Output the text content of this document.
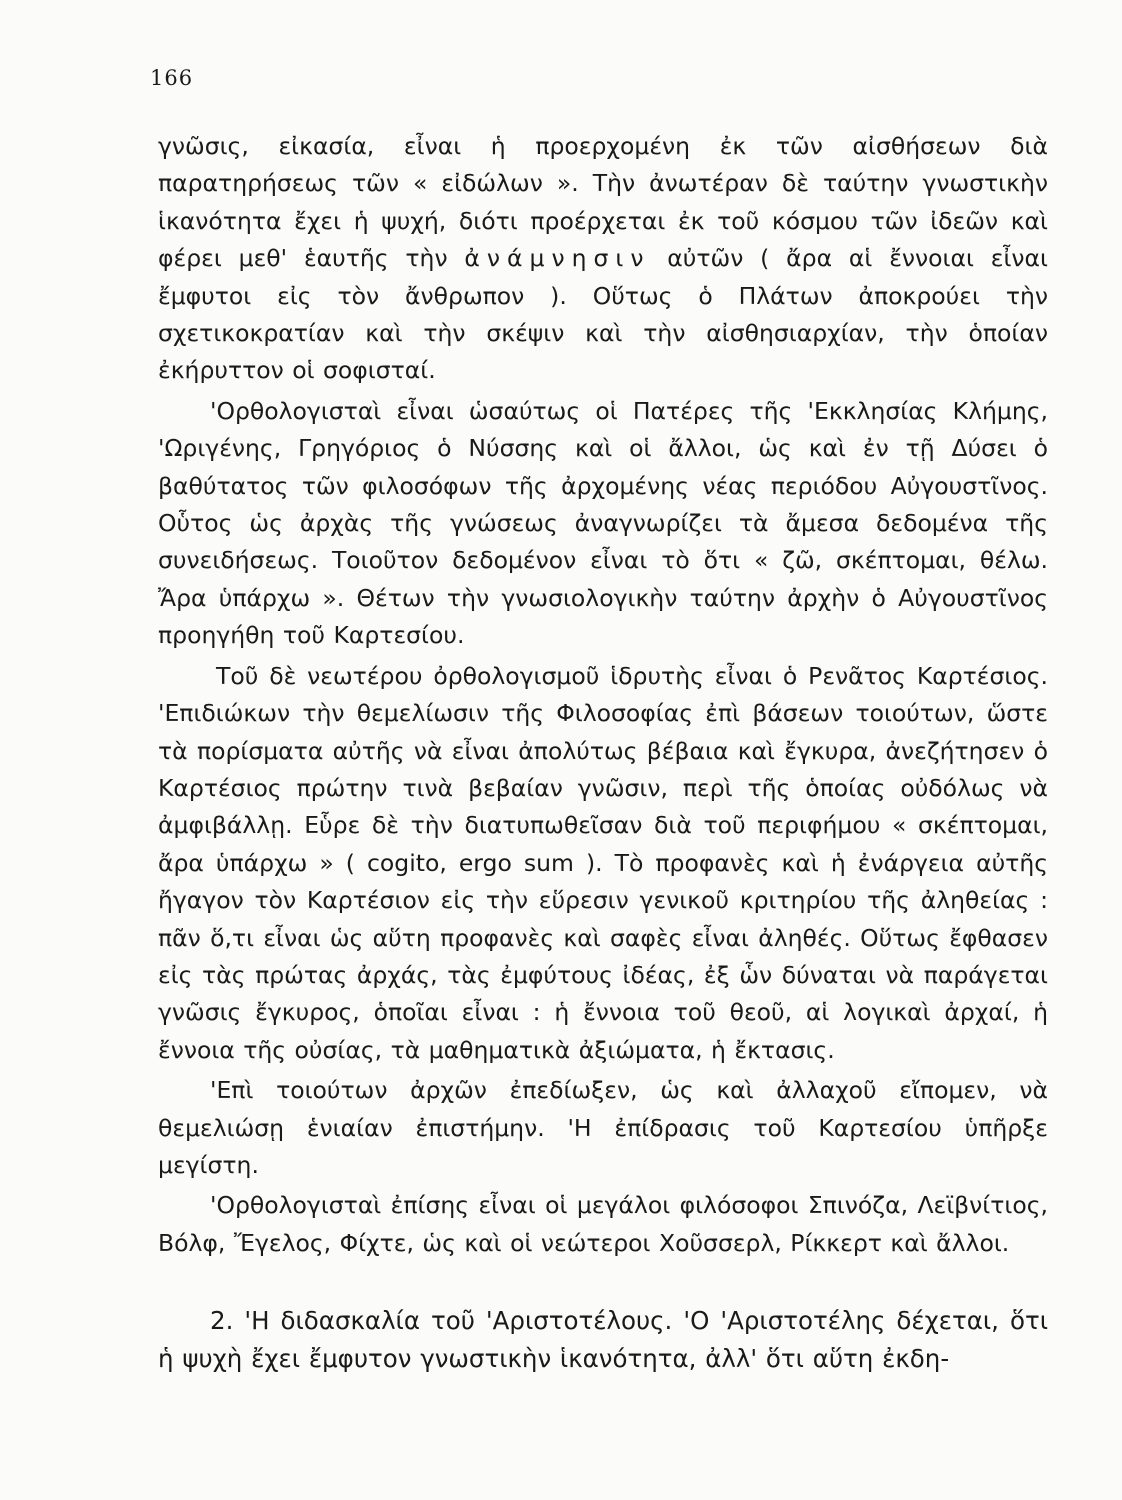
166

γνῶσις, εἰκασία, εἶναι ἡ προερχομένη ἐκ τῶν αἰσθήσεων διὰ παρατηρήσεως τῶν « εἰδώλων ». Τὴν ἀνωτέραν δὲ ταύτην γνωστικὴν ἱκανότητα ἔχει ἡ ψυχή, διότι προέρχεται ἐκ τοῦ κόσμου τῶν ἰδεῶν καὶ φέρει μεθ' ἑαυτῆς τὴν ἀνάμνησιν αὐτῶν ( ἄρα αἱ ἔννοιαι εἶναι ἔμφυτοι εἰς τὸν ἄνθρωπον ). Οὕτως ὁ Πλάτων ἀποκρούει τὴν σχετικοκρατίαν καὶ τὴν σκέψιν καὶ τὴν αἰσθησιαρχίαν, τὴν ὁποίαν ἐκήρυττον οἱ σοφισταί.

'Ορθολογισταὶ εἶναι ὡσαύτως οἱ Πατέρες τῆς 'Εκκλησίας Κλήμης, 'Ωριγένης, Γρηγόριος ὁ Νύσσης καὶ οἱ ἄλλοι, ὡς καὶ ἐν τῇ Δύσει ὁ βαθύτατος τῶν φιλοσόφων τῆς ἀρχομένης νέας περιόδου Αὐγουστῖνος. Οὗτος ὡς ἀρχὰς τῆς γνώσεως ἀναγνωρίζει τὰ ἄμεσα δεδομένα τῆς συνειδήσεως. Τοιοῦτον δεδομένον εἶναι τὸ ὅτι « ζῶ, σκέπτομαι, θέλω. Ἄρα ὑπάρχω ». Θέτων τὴν γνωσιολογικὴν ταύτην ἀρχὴν ὁ Αὐγουστῖνος προηγήθη τοῦ Καρτεσίου.

Τοῦ δὲ νεωτέρου ὀρθολογισμοῦ ἱδρυτὴς εἶναι ὁ Ρενᾶτος Καρτέσιος. 'Επιδιώκων τὴν θεμελίωσιν τῆς Φιλοσοφίας ἐπὶ βάσεων τοιούτων, ὥστε τὰ πορίσματα αὐτῆς νὰ εἶναι ἀπολύτως βέβαια καὶ ἔγκυρα, ἀνεζήτησεν ὁ Καρτέσιος πρώτην τινὰ βεβαίαν γνῶσιν, περὶ τῆς ὁποίας οὐδόλως νὰ ἀμφιβάλλῃ. Εὗρε δὲ τὴν διατυπωθεῖσαν διὰ τοῦ περιφήμου « σκέπτομαι, ἄρα ὑπάρχω » ( cogito, ergo sum ). Τὸ προφανὲς καὶ ἡ ἐνάργεια αὐτῆς ἤγαγον τὸν Καρτέσιον εἰς τὴν εὕρεσιν γενικοῦ κριτηρίου τῆς ἀληθείας : πᾶν ὅ,τι εἶναι ὡς αὕτη προφανὲς καὶ σαφὲς εἶναι ἀληθές. Οὕτως ἔφθασεν εἰς τὰς πρώτας ἀρχάς, τὰς ἐμφύτους ἰδέας, ἐξ ὧν δύναται νὰ παράγεται γνῶσις ἔγκυρος, ὁποῖαι εἶναι : ἡ ἔννοια τοῦ θεοῦ, αἱ λογικαὶ ἀρχαί, ἡ ἔννοια τῆς οὐσίας, τὰ μαθηματικὰ ἀξιώματα, ἡ ἔκτασις.

'Επὶ τοιούτων ἀρχῶν ἐπεδίωξεν, ὡς καὶ ἀλλαχοῦ εἴπομεν, νὰ θεμελιώσῃ ἑνιαίαν ἐπιστήμην. 'Η ἐπίδρασις τοῦ Καρτεσίου ὑπῆρξε μεγίστη.

'Ορθολογισταὶ ἐπίσης εἶναι οἱ μεγάλοι φιλόσοφοι Σπινόζα, Λεϊβνίτιος, Βόλφ, Ἔγελος, Φίχτε, ὡς καὶ οἱ νεώτεροι Χοῦσσερλ, Ρίκκερτ καὶ ἄλλοι.

2. 'Η διδασκαλία τοῦ 'Αριστοτέλους. 'Ο 'Αριστοτέλης δέχεται, ὅτι ἡ ψυχὴ ἔχει ἔμφυτον γνωστικὴν ἱκανότητα, ἀλλ' ὅτι αὕτη ἐκδη-
